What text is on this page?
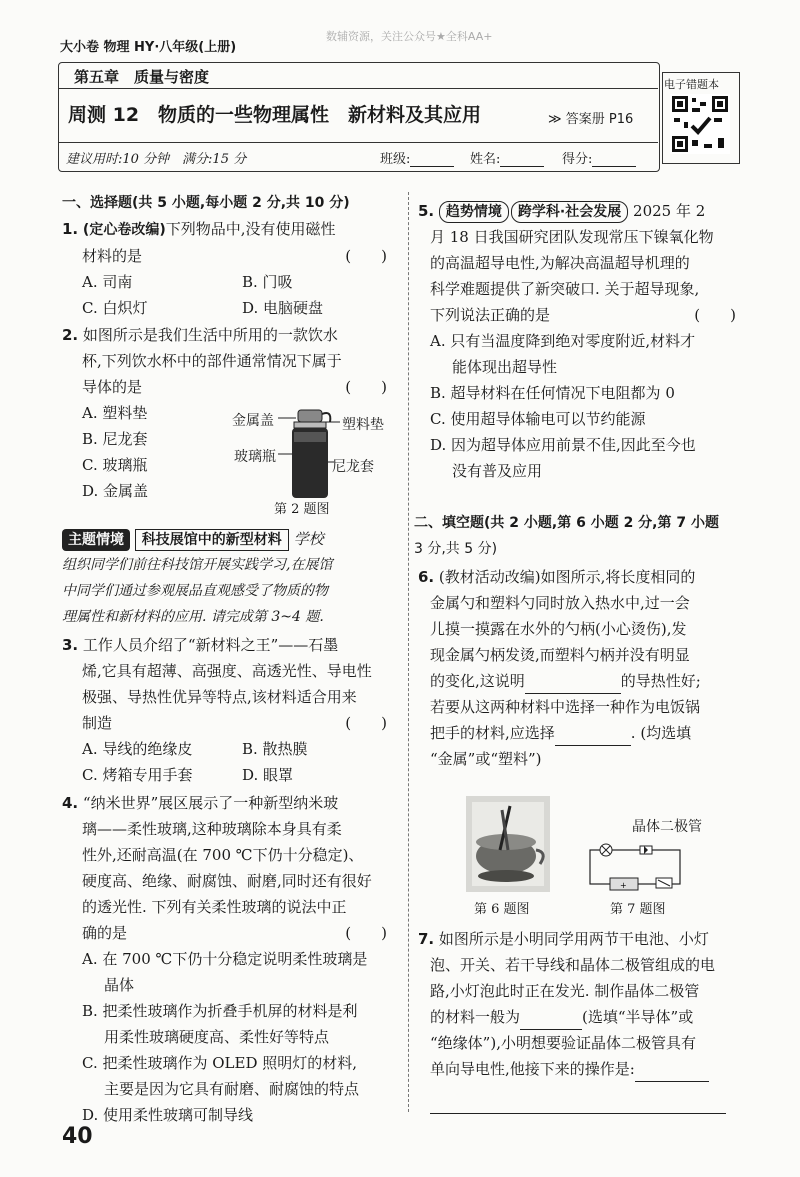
大小卷 物理 HY·八年级(上册)
数辅资源，关注公众号★全科AA+
第五章　质量与密度
周测 12　物质的一些物理属性　新材料及其应用	≫ 答案册 P16
建议用时:10 分钟　满分:15 分	班级:	姓名:	得分:
电子错题本
一、选择题(共 5 小题,每小题 2 分,共 10 分)
1. (定心卷改编)下列物品中,没有使用磁性
材料的是	(　　)
A. 司南	B. 门吸
C. 白炽灯	D. 电脑硬盘
2. 如图所示是我们生活中所用的一款饮水
杯,下列饮水杯中的部件通常情况下属于
导体的是	(　　)
A. 塑料垫
B. 尼龙套
C. 玻璃瓶
D. 金属盖
金属盖	塑料垫
玻璃瓶
尼龙套
第 2 题图
主题情境 科技展馆中的新型材料 学校
组织同学们前往科技馆开展实践学习,在展馆
中同学们通过参观展品直观感受了物质的物
理属性和新材料的应用. 请完成第 3~4 题.
3. 工作人员介绍了“新材料之王”——石墨
烯,它具有超薄、高强度、高透光性、导电性
极强、导热性优异等特点,该材料适合用来
制造	(　　)
A. 导线的绝缘皮	B. 散热膜
C. 烤箱专用手套	D. 眼罩
4. “纳米世界”展区展示了一种新型纳米玻
璃——柔性玻璃,这种玻璃除本身具有柔
性外,还耐高温(在 700 ℃下仍十分稳定)、
硬度高、绝缘、耐腐蚀、耐磨,同时还有很好
的透光性. 下列有关柔性玻璃的说法中正
确的是	(　　)
A. 在 700 ℃下仍十分稳定说明柔性玻璃是
晶体
B. 把柔性玻璃作为折叠手机屏的材料是利
用柔性玻璃硬度高、柔性好等特点
C. 把柔性玻璃作为 OLED 照明灯的材料,
主要是因为它具有耐磨、耐腐蚀的特点
D. 使用柔性玻璃可制导线
5. 趋势情境 跨学科·社会发展 2025 年 2
月 18 日我国研究团队发现常压下镍氧化物
的高温超导电性,为解决高温超导机理的
科学难题提供了新突破口. 关于超导现象,
下列说法正确的是	(　　)
A. 只有当温度降到绝对零度附近,材料才
能体现出超导性
B. 超导材料在任何情况下电阻都为 0
C. 使用超导体输电可以节约能源
D. 因为超导体应用前景不佳,因此至今也
没有普及应用
二、填空题(共 2 小题,第 6 小题 2 分,第 7 小题
3 分,共 5 分)
6. (教材活动改编)如图所示,将长度相同的
金属勺和塑料勺同时放入热水中,过一会
儿摸一摸露在水外的勺柄(小心烫伤),发
现金属勺柄发烫,而塑料勺柄并没有明显
的变化,这说明	的导热性好;
若要从这两种材料中选择一种作为电饭锅
把手的材料,应选择	. (均选填
“金属”或“塑料”)
晶体二极管
+
第 6 题图	第 7 题图
7. 如图所示是小明同学用两节干电池、小灯
泡、开关、若干导线和晶体二极管组成的电
路,小灯泡此时正在发光. 制作晶体二极管
的材料一般为	(选填“半导体”或
“绝缘体”),小明想要验证晶体二极管具有
单向导电性,他接下来的操作是:
40
